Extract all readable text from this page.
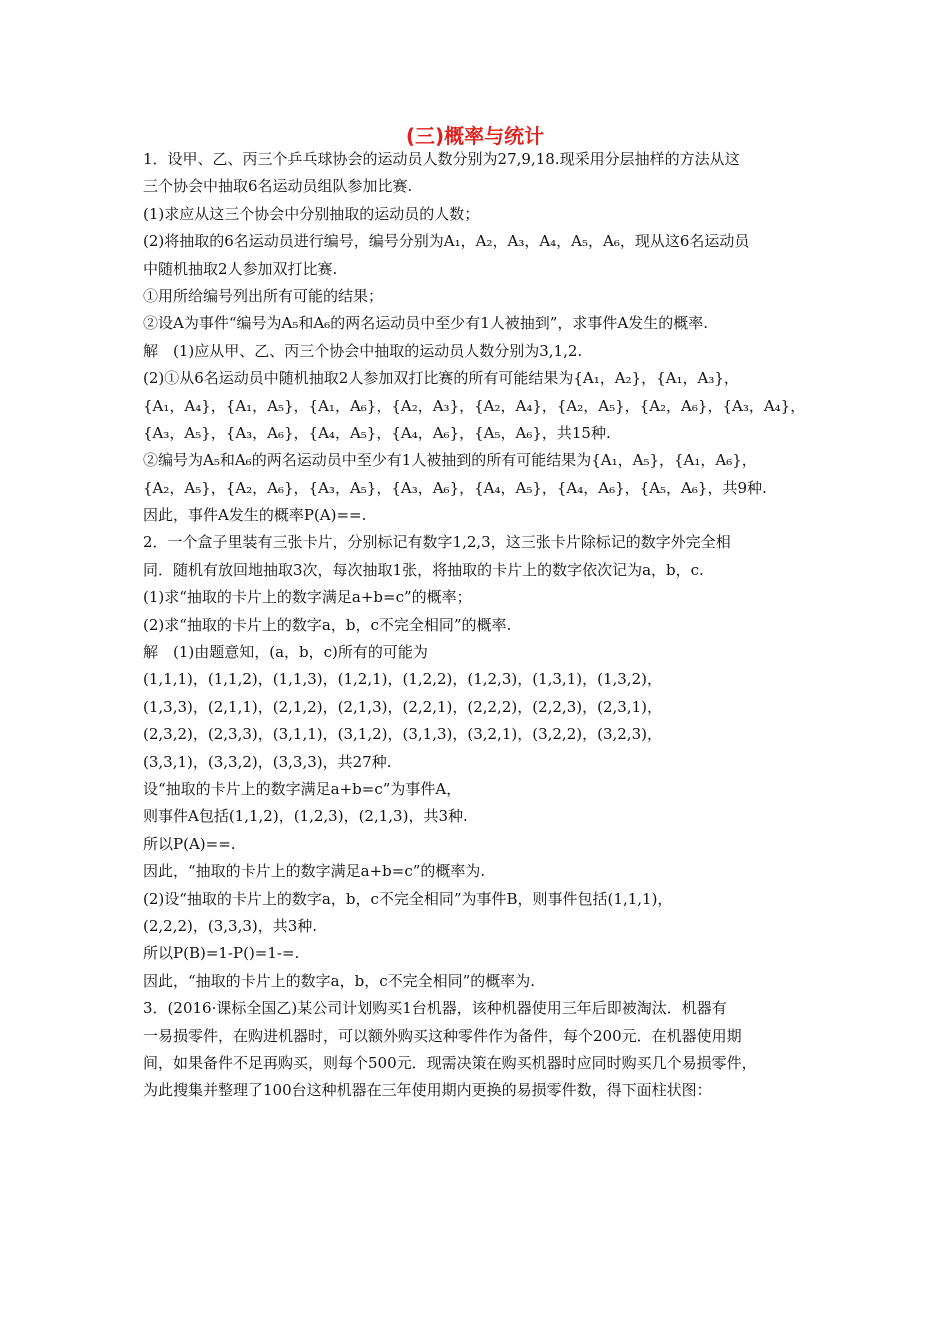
(三)概率与统计
1．设甲、乙、丙三个乒乓球协会的运动员人数分别为27,9,18.现采用分层抽样的方法从这
三个协会中抽取6名运动员组队参加比赛.
(1)求应从这三个协会中分别抽取的运动员的人数；
(2)将抽取的6名运动员进行编号，编号分别为A₁，A₂，A₃，A₄，A₅，A₆，现从这6名运动员
中随机抽取2人参加双打比赛.
①用所给编号列出所有可能的结果；
②设A为事件“编号为A₅和A₆的两名运动员中至少有1人被抽到”，求事件A发生的概率.
解　(1)应从甲、乙、丙三个协会中抽取的运动员人数分别为3,1,2.
(2)①从6名运动员中随机抽取2人参加双打比赛的所有可能结果为{A₁，A₂}，{A₁，A₃}，
{A₁，A₄}，{A₁，A₅}，{A₁，A₆}，{A₂，A₃}，{A₂，A₄}，{A₂，A₅}，{A₂，A₆}，{A₃，A₄}，
{A₃，A₅}，{A₃，A₆}，{A₄，A₅}，{A₄，A₆}，{A₅，A₆}，共15种.
②编号为A₅和A₆的两名运动员中至少有1人被抽到的所有可能结果为{A₁，A₅}，{A₁，A₆}，
{A₂，A₅}，{A₂，A₆}，{A₃，A₅}，{A₃，A₆}，{A₄，A₅}，{A₄，A₆}，{A₅，A₆}，共9种.
因此，事件A发生的概率P(A)==.
2．一个盒子里装有三张卡片，分别标记有数字1,2,3，这三张卡片除标记的数字外完全相
同．随机有放回地抽取3次，每次抽取1张，将抽取的卡片上的数字依次记为a，b，c.
(1)求“抽取的卡片上的数字满足a+b=c”的概率；
(2)求“抽取的卡片上的数字a，b，c不完全相同”的概率.
解　(1)由题意知，(a，b，c)所有的可能为
(1,1,1)，(1,1,2)，(1,1,3)，(1,2,1)，(1,2,2)，(1,2,3)，(1,3,1)，(1,3,2)，
(1,3,3)，(2,1,1)，(2,1,2)，(2,1,3)，(2,2,1)，(2,2,2)，(2,2,3)，(2,3,1)，
(2,3,2)，(2,3,3)，(3,1,1)，(3,1,2)，(3,1,3)，(3,2,1)，(3,2,2)，(3,2,3)，
(3,3,1)，(3,3,2)，(3,3,3)，共27种.
设“抽取的卡片上的数字满足a+b=c”为事件A，
则事件A包括(1,1,2)，(1,2,3)，(2,1,3)，共3种.
所以P(A)==.
因此，“抽取的卡片上的数字满足a+b=c”的概率为.
(2)设“抽取的卡片上的数字a，b，c不完全相同”为事件B，则事件包括(1,1,1)，
(2,2,2)，(3,3,3)，共3种.
所以P(B)=1-P()=1-=.
因此，“抽取的卡片上的数字a，b，c不完全相同”的概率为.
3．(2016·课标全国乙)某公司计划购买1台机器，该种机器使用三年后即被淘汰．机器有
一易损零件，在购进机器时，可以额外购买这种零件作为备件，每个200元．在机器使用期
间，如果备件不足再购买，则每个500元．现需决策在购买机器时应同时购买几个易损零件，
为此搜集并整理了100台这种机器在三年使用期内更换的易损零件数，得下面柱状图：
